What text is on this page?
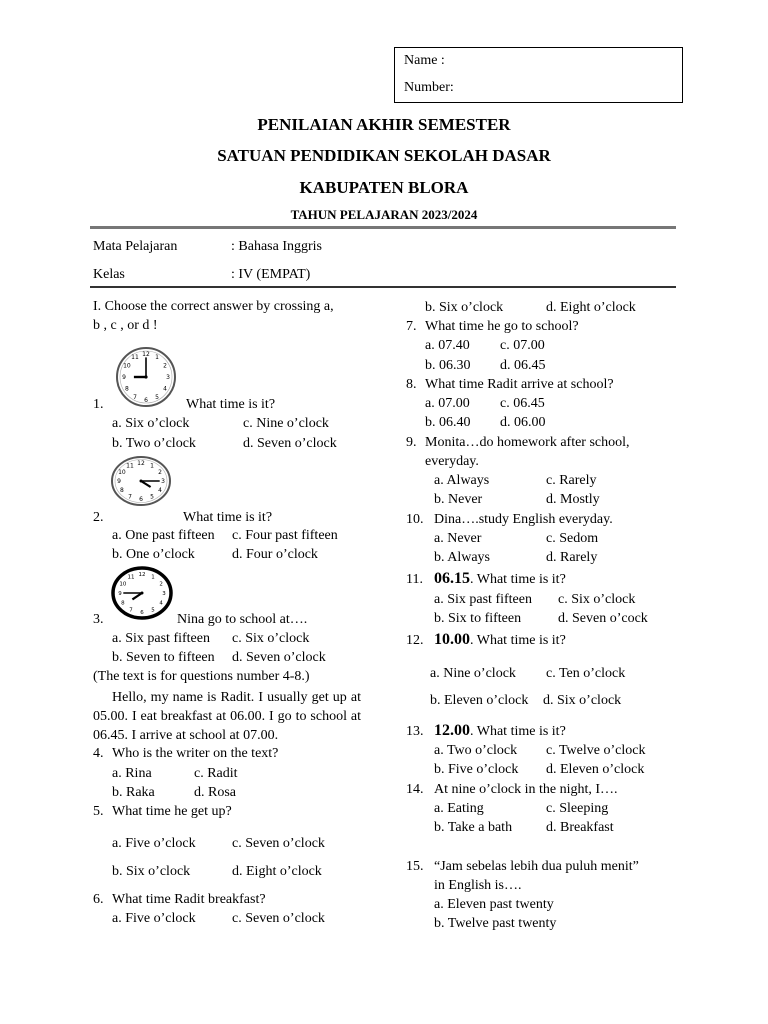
Name :
Number:
PENILAIAN AKHIR SEMESTER
SATUAN PENDIDIKAN SEKOLAH DASAR
KABUPATEN BLORA
TAHUN PELAJARAN 2023/2024
Mata Pelajaran	: Bahasa Inggris
Kelas	: IV (EMPAT)
I. Choose the correct answer by crossing a,
b , c , or d !
1
2
3
4
5
6
7
8
9
10
11 12
1.	What time is it?
a. Six o’clock	c. Nine o’clock
b. Two o’clock	d. Seven o’clock
1
2
3
4
5
6
7
8
9
10
11 12
2.	What time is it?
a. One past fifteen c. Four past fifteen
b. One o’clock	d. Four o’clock
1
2
3
4
5
6
7
8
9
10
11 12
3.	Nina go to school at….
a. Six past fifteen c. Six o’clock
b. Seven to fifteen d. Seven o’clock
(The text is for questions number 4-8.)
Hello, my name is Radit. I usually get up at 05.00. I eat breakfast at 06.00. I go to school at 06.45. I arrive at school at 07.00.
4. Who is the writer on the text?
a. Rina	c. Radit
b. Raka	d. Rosa
5. What time he get up?
a. Five o’clock	c. Seven o’clock
b. Six o’clock	d. Eight o’clock
6. What time Radit breakfast?
a. Five o’clock	c. Seven o’clock
b. Six o’clock	d. Eight o’clock
7. What time he go to school?
a. 07.40 c. 07.00
b. 06.30 d. 06.45
8. What time Radit arrive at school?
a. 07.00 c. 06.45
b. 06.40 d. 06.00
9. Monita…do homework after school,
everyday.
a. Always	c. Rarely
b. Never	d. Mostly
10. Dina….study English everyday.
a. Never	c. Sedom
b. Always	d. Rarely
11. 06.15. What time is it?
a. Six past fifteen c. Six o’clock
b. Six to fifteen	d. Seven o’cock
12. 10.00. What time is it?
a. Nine o’clock c. Ten o’clock
b. Eleven o’clock d. Six o’clock
13. 12.00. What time is it?
a. Two o’clock c. Twelve o’clock
b. Five o’clock d. Eleven o’clock
14. At nine o’clock in the night, I….
a. Eating	c. Sleeping
b. Take a bath d. Breakfast
15. “Jam sebelas lebih dua puluh menit”
in English is….
a. Eleven past twenty
b. Twelve past twenty
